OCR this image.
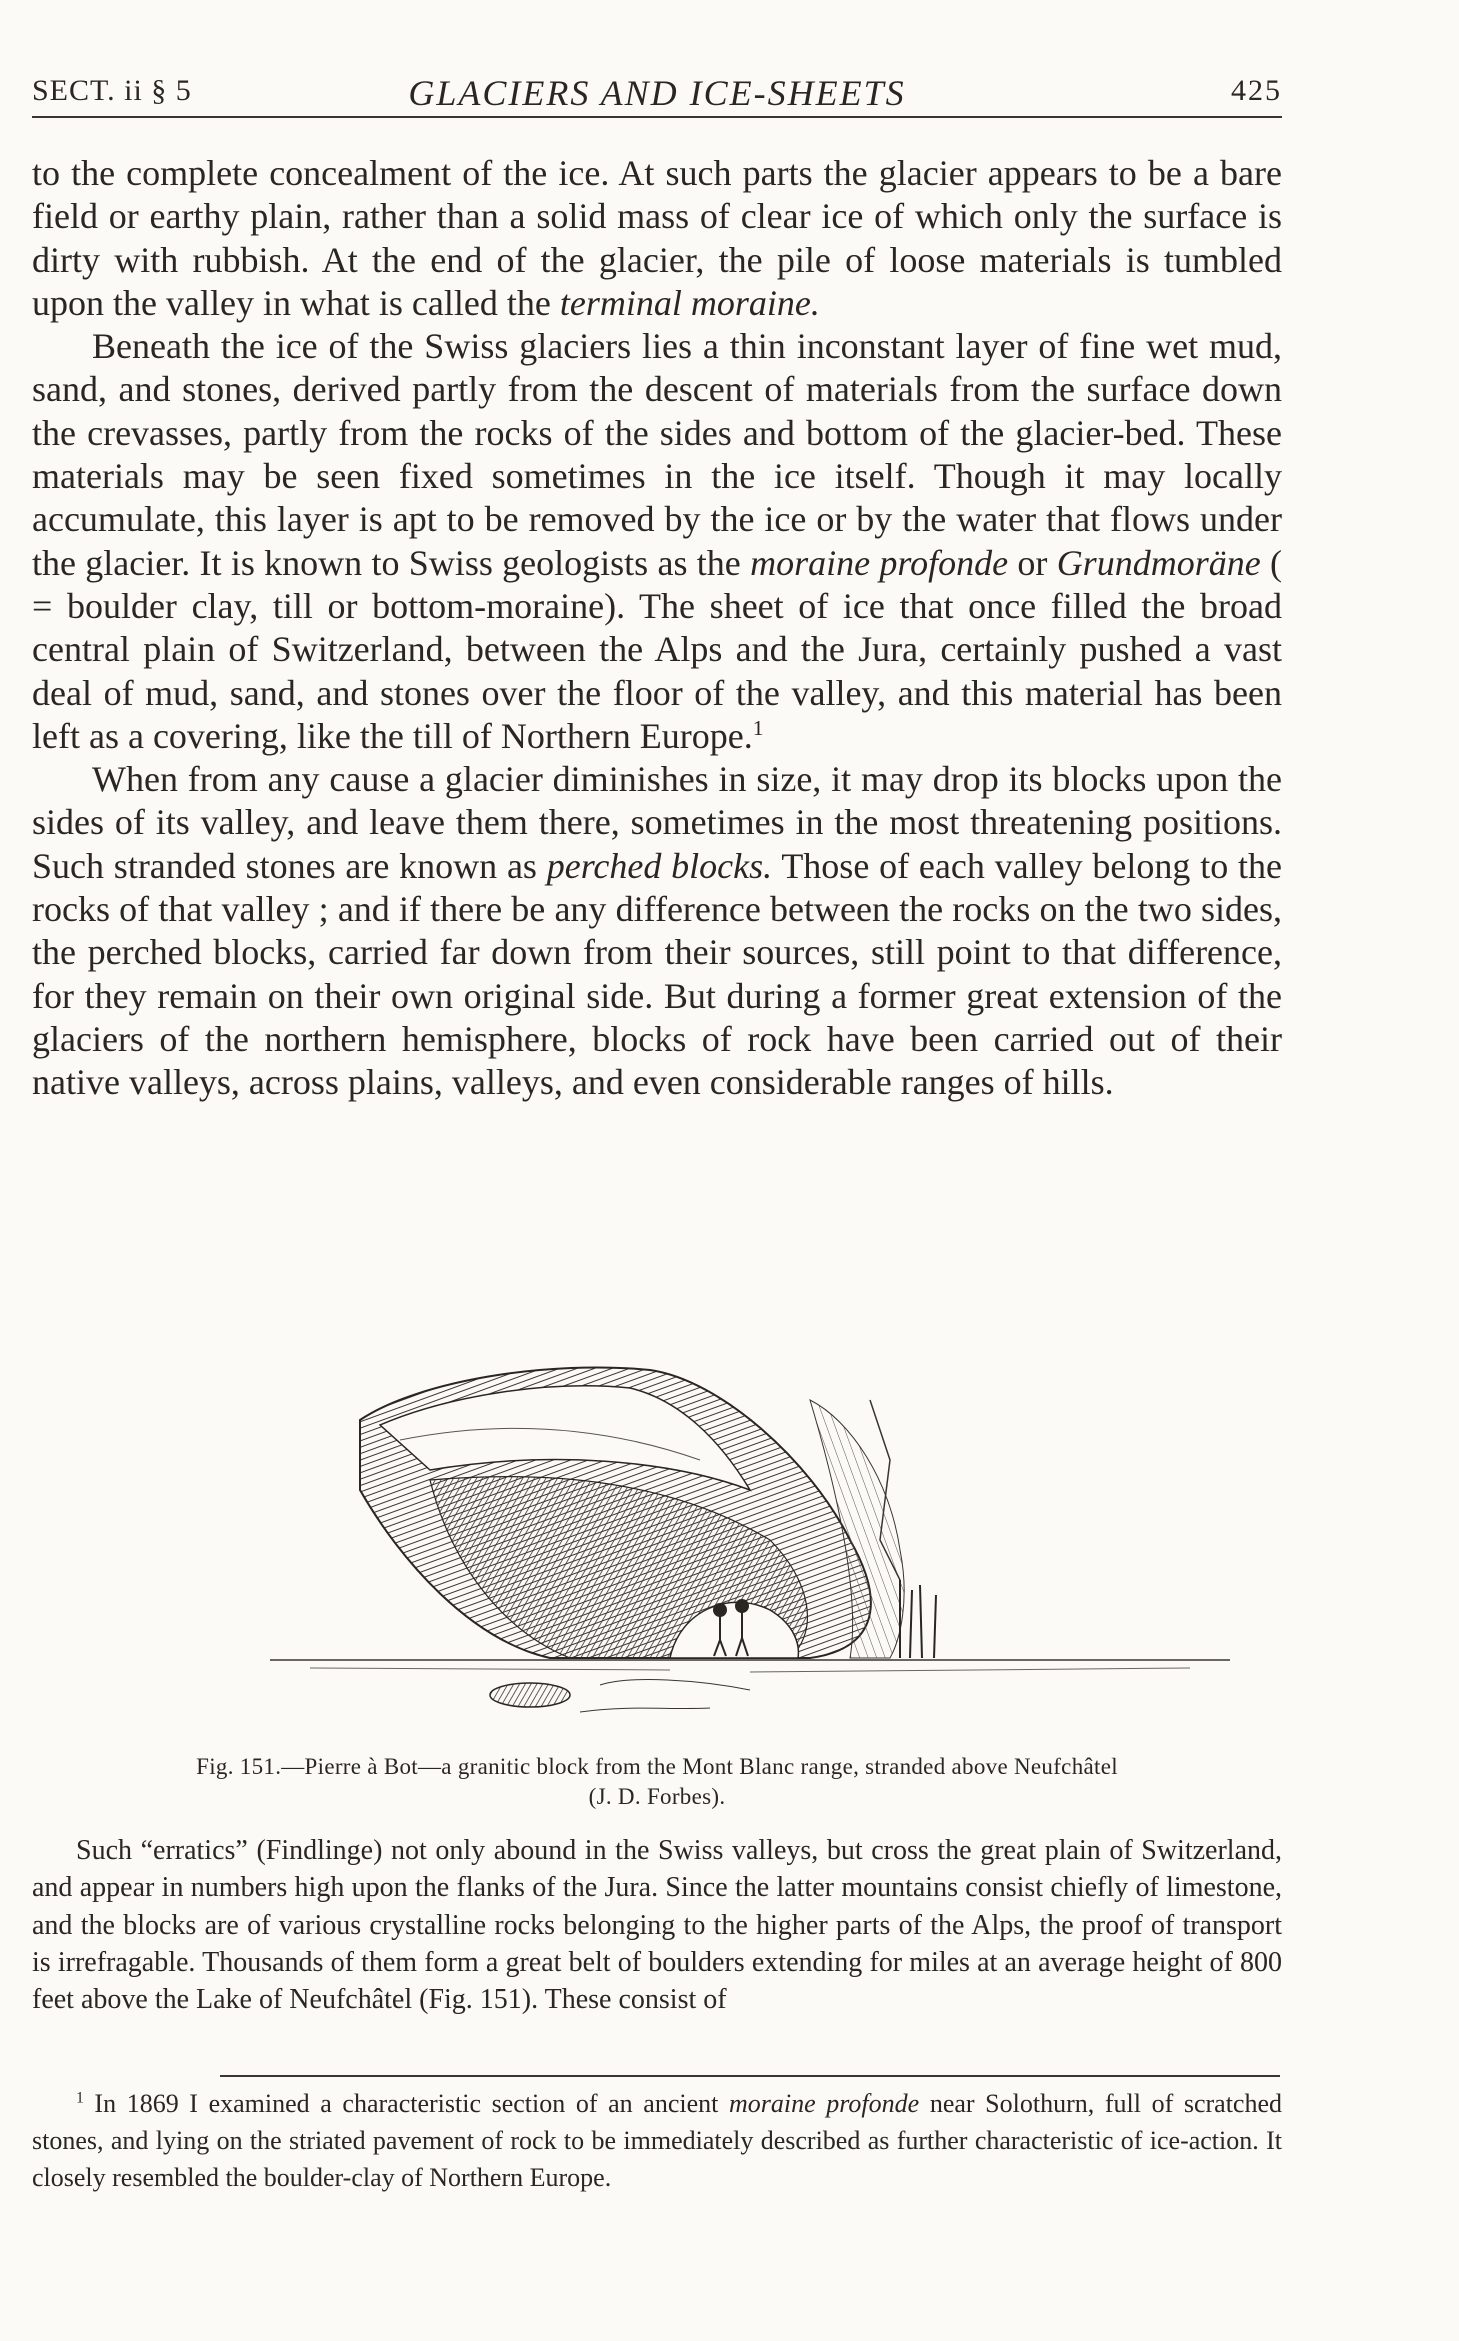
SECT. ii § 5	GLACIERS AND ICE-SHEETS	425

to the complete concealment of the ice. At such parts the glacier appears to be a bare field or earthy plain, rather than a solid mass of clear ice of which only the surface is dirty with rubbish. At the end of the glacier, the pile of loose materials is tumbled upon the valley in what is called the terminal moraine.

Beneath the ice of the Swiss glaciers lies a thin inconstant layer of fine wet mud, sand, and stones, derived partly from the descent of materials from the surface down the crevasses, partly from the rocks of the sides and bottom of the glacier-bed. These materials may be seen fixed sometimes in the ice itself. Though it may locally accumulate, this layer is apt to be removed by the ice or by the water that flows under the glacier. It is known to Swiss geologists as the moraine profonde or Grundmoräne ( = boulder clay, till or bottom-moraine). The sheet of ice that once filled the broad central plain of Switzerland, between the Alps and the Jura, certainly pushed a vast deal of mud, sand, and stones over the floor of the valley, and this material has been left as a covering, like the till of Northern Europe.$^1$

When from any cause a glacier diminishes in size, it may drop its blocks upon the sides of its valley, and leave them there, sometimes in the most threatening positions. Such stranded stones are known as perched blocks. Those of each valley belong to the rocks of that valley ; and if there be any difference between the rocks on the two sides, the perched blocks, carried far down from their sources, still point to that difference, for they remain on their own original side. But during a former great extension of the glaciers of the northern hemisphere, blocks of rock have been carried out of their native valleys, across plains, valleys, and even considerable ranges of hills.

Fig. 151.—Pierre à Bot—a granitic block from the Mont Blanc range, stranded above Neufchâtel
(J. D. Forbes).

Such “erratics” (Findlinge) not only abound in the Swiss valleys, but cross the great plain of Switzerland, and appear in numbers high upon the flanks of the Jura. Since the latter mountains consist chiefly of limestone, and the blocks are of various crystalline rocks belonging to the higher parts of the Alps, the proof of transport is irrefragable. Thousands of them form a great belt of boulders extending for miles at an average height of 800 feet above the Lake of Neufchâtel (Fig. 151). These consist of

$^1$ In 1869 I examined a characteristic section of an ancient moraine profonde near Solothurn, full of scratched stones, and lying on the striated pavement of rock to be immediately described as further characteristic of ice-action. It closely resembled the boulder-clay of Northern Europe.
